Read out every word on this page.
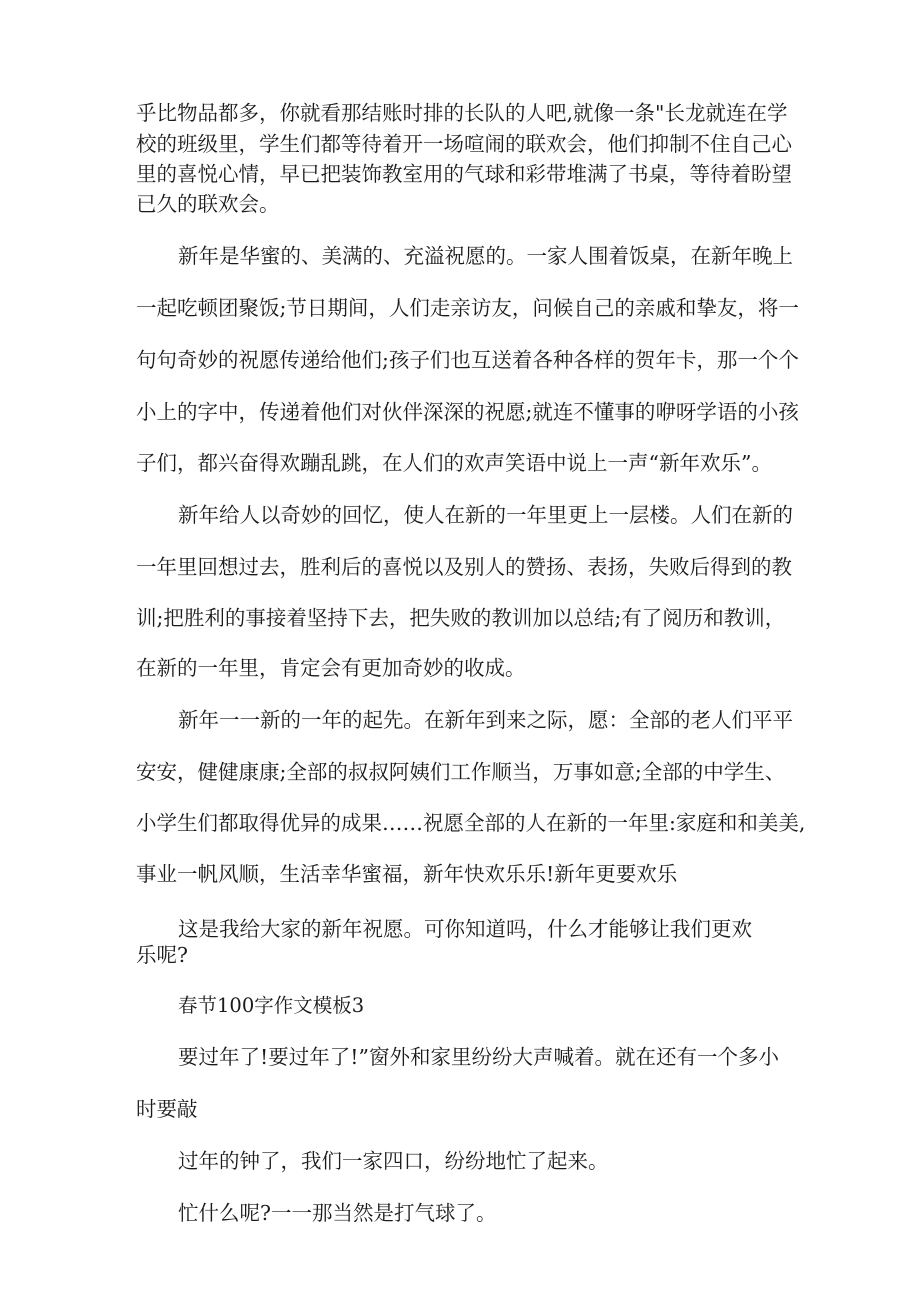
乎比物品都多，你就看那结账时排的长队的人吧,就像一条"长龙就连在学
校的班级里，学生们都等待着开一场喧闹的联欢会，他们抑制不住自己心
里的喜悦心情，早已把装饰教室用的气球和彩带堆满了书桌，等待着盼望
已久的联欢会。
新年是华蜜的、美满的、充溢祝愿的。一家人围着饭桌，在新年晚上
一起吃顿团聚饭;节日期间，人们走亲访友，问候自己的亲戚和挚友，将一
句句奇妙的祝愿传递给他们;孩子们也互送着各种各样的贺年卡，那一个个
小上的字中，传递着他们对伙伴深深的祝愿;就连不懂事的咿呀学语的小孩
子们，都兴奋得欢蹦乱跳，在人们的欢声笑语中说上一声“新年欢乐”。
新年给人以奇妙的回忆，使人在新的一年里更上一层楼。人们在新的
一年里回想过去，胜利后的喜悦以及别人的赞扬、表扬，失败后得到的教
训;把胜利的事接着坚持下去，把失败的教训加以总结;有了阅历和教训，
在新的一年里，肯定会有更加奇妙的收成。
新年一一新的一年的起先。在新年到来之际，愿：全部的老人们平平
安安，健健康康;全部的叔叔阿姨们工作顺当，万事如意;全部的中学生、
小学生们都取得优异的成果……祝愿全部的人在新的一年里:家庭和和美美,
事业一帆风顺，生活幸华蜜福，新年快欢乐乐!新年更要欢乐
这是我给大家的新年祝愿。可你知道吗，什么才能够让我们更欢
乐呢?
春节100字作文模板3
要过年了!要过年了!”窗外和家里纷纷大声喊着。就在还有一个多小
时要敲
过年的钟了，我们一家四口，纷纷地忙了起来。
忙什么呢?一一那当然是打气球了。
